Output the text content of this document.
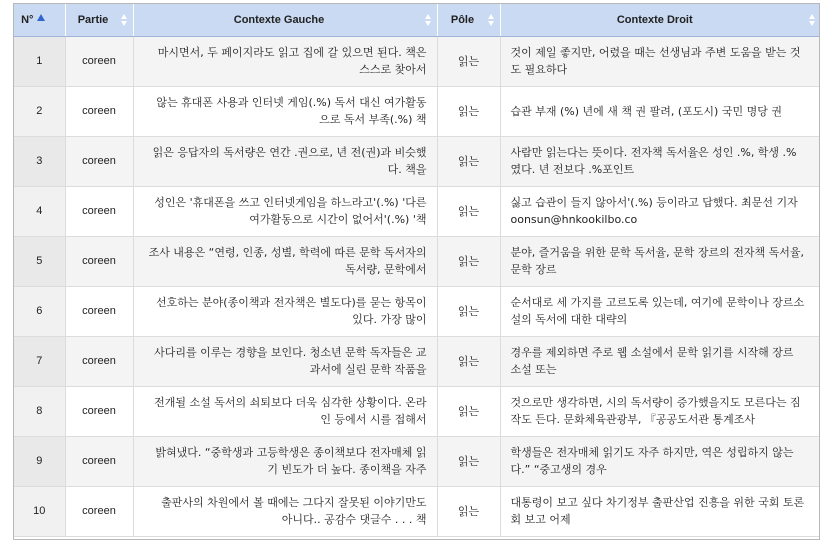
N°	Partie	Contexte Gauche	Pôle	Contexte Droit

1	coreen	마시면서, 두 페이지라도 읽고 집에 갈 있으면 된다. 책은 스스로 찾아서	읽는	것이 제일 좋지만, 어렸을 때는 선생님과 주변 도움을 받는 것도 필요하다
2	coreen	않는 휴대폰 사용과 인터넷 게임(.%) 독서 대신 여가활동으로 독서 부족(.%) 책	읽는	습관 부재 (%) 년에 새 책 권 팔려, (포도시) 국민 명당 권
3	coreen	읽은 응답자의 독서량은 연간 .권으로, 년 전(권)과 비슷했다. 책을	읽는	사람만 읽는다는 뜻이다. 전자책 독서율은 성인 .%, 학생 .%였다. 년 전보다 .%포인트
4	coreen	성인은 '휴대폰을 쓰고 인터넷게임을 하느라고'(.%) '다른 여가활동으로 시간이 없어서'(.%) '책	읽는	싫고 습관이 들지 않아서'(.%) 등이라고 답했다. 최문선 기자 oonsun@hnkookilbo.co
5	coreen	조사 내용은 “연령, 인종, 성별, 학력에 따른 문학 독서자의 독서량, 문학에서	읽는	분야, 즐거움을 위한 문학 독서율, 문학 장르의 전자책 독서율, 문학 장르
6	coreen	선호하는 분야(종이책과 전자책은 별도다)를 묻는 항목이 있다. 가장 많이	읽는	순서대로 세 가지를 고르도록 있는데, 여기에 문학이나 장르소설의 독서에 대한 대략의
7	coreen	사다리를 이루는 경향을 보인다. 청소년 문학 독자들은 교과서에 실린 문학 작품을	읽는	경우를 제외하면 주로 웹 소설에서 문학 읽기를 시작해 장르 소설 또는
8	coreen	전개될 소설 독서의 쇠퇴보다 더욱 심각한 상황이다. 온라인 등에서 시를 접해서	읽는	것으로만 생각하면, 시의 독서량이 증가했을지도 모른다는 짐작도 든다. 문화체육관광부, 『공공도서관 통계조사
9	coreen	밝혀냈다. “중학생과 고등학생은 종이책보다 전자매체 읽기 빈도가 더 높다. 종이책을 자주	읽는	학생들은 전자매체 읽기도 자주 하지만, 역은 성립하지 않는다.” “중고생의 경우
10	coreen	출판사의 차원에서 볼 때에는 그다지 잘못된 이야기만도 아니다.. 공감수 댓글수 . . . 책	읽는	대통령이 보고 싶다 차기정부 출판산업 진흥을 위한 국회 토론회 보고 어제
